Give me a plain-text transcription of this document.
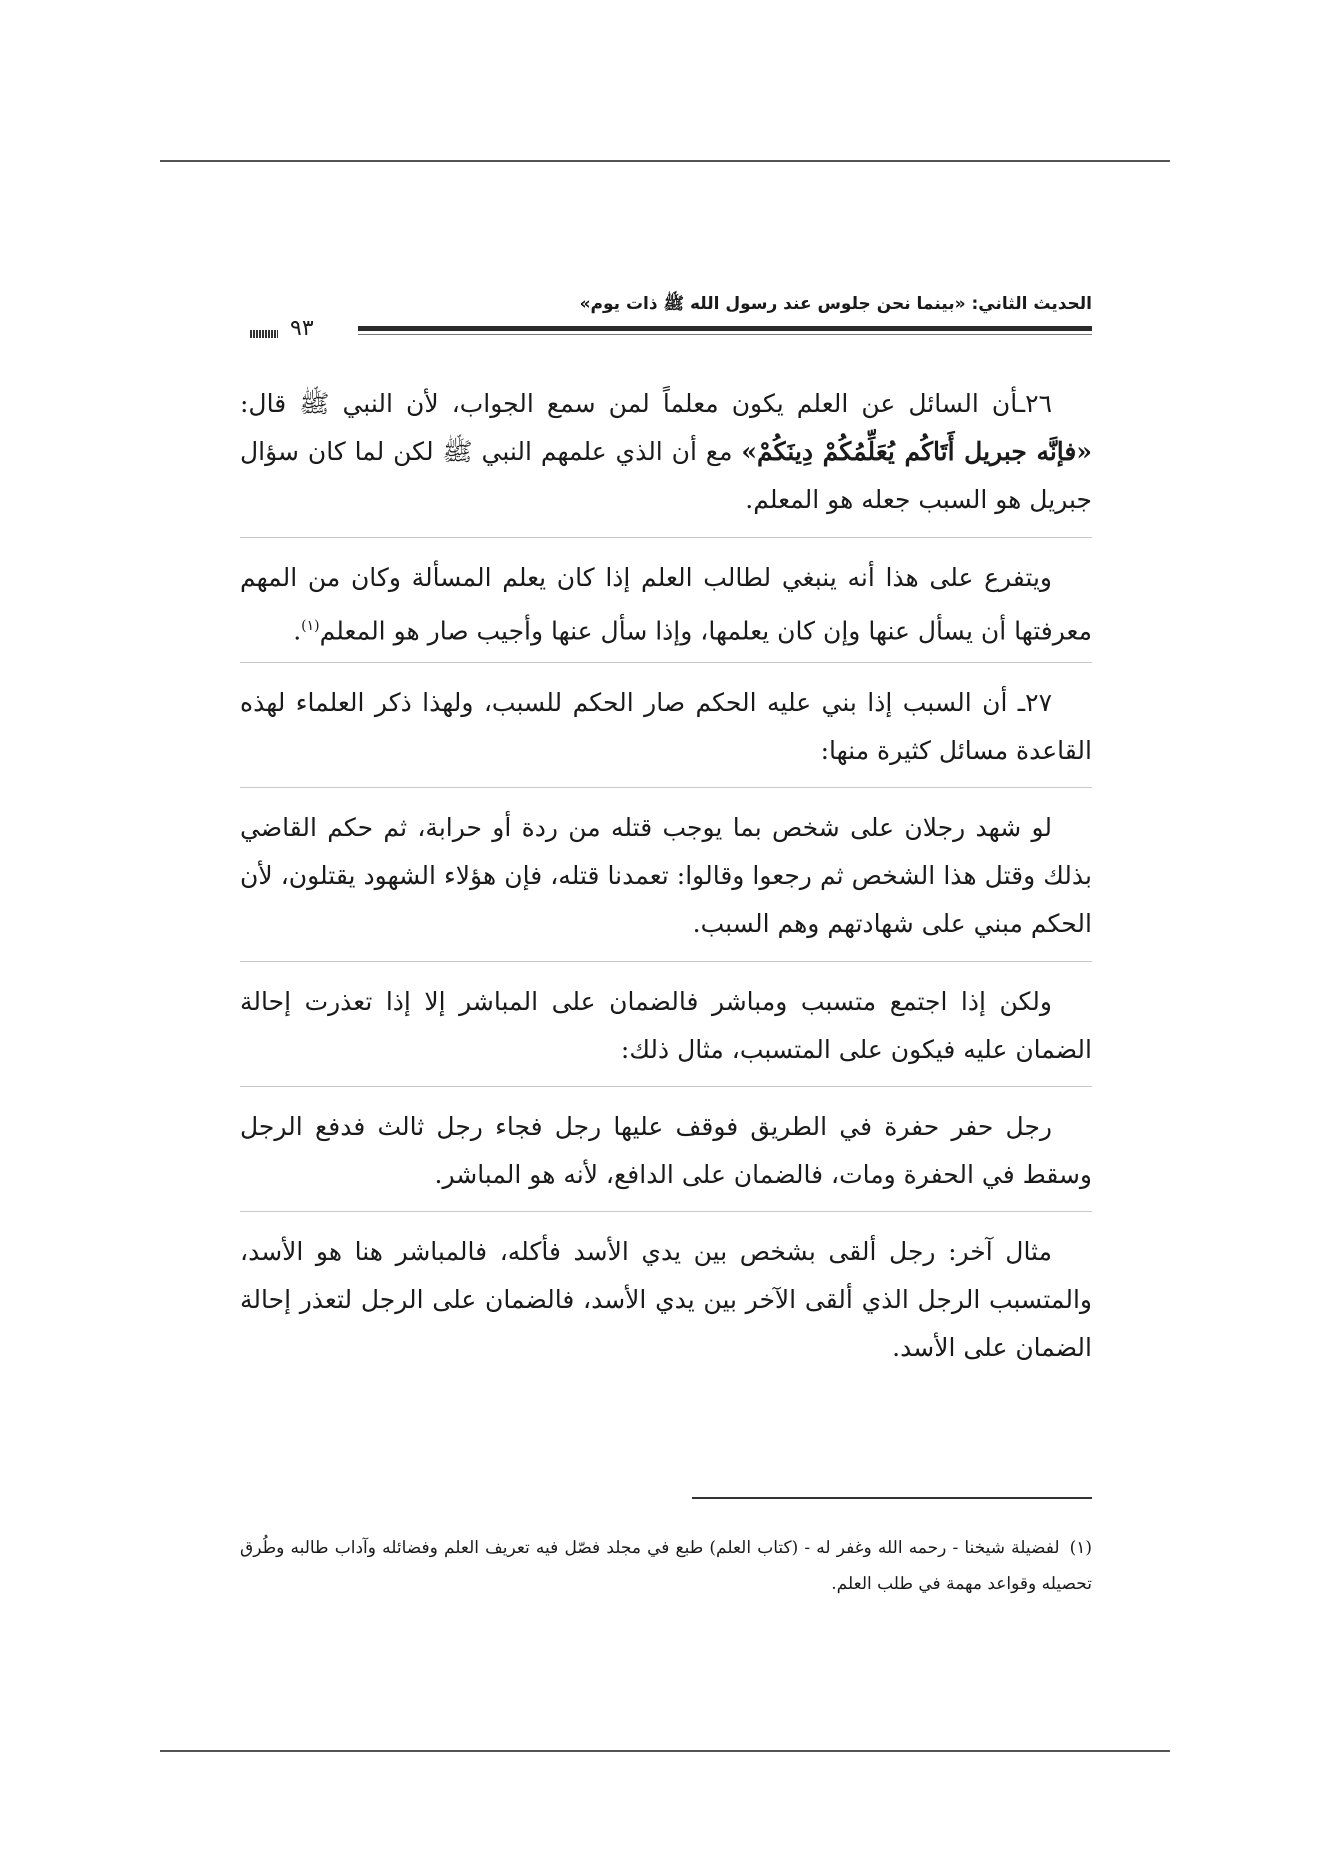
الحديث الثاني: «بينما نحن جلوس عند رسول الله ﷺ ذات يوم»
٩٣

٢٦ـأن السائل عن العلم يكون معلماً لمن سمع الجواب، لأن النبي ﷺ قال: «فإنَّه جبريل أَتَاكُم يُعَلِّمُكُمْ دِينَكُمْ» مع أن الذي علمهم النبي ﷺ لكن لما كان سؤال جبريل هو السبب جعله هو المعلم.

ويتفرع على هذا أنه ينبغي لطالب العلم إذا كان يعلم المسألة وكان من المهم معرفتها أن يسأل عنها وإن كان يعلمها، وإذا سأل عنها وأجيب صار هو المعلم$^{(١)}$.

٢٧ـ أن السبب إذا بني عليه الحكم صار الحكم للسبب، ولهذا ذكر العلماء لهذه القاعدة مسائل كثيرة منها:

لو شهد رجلان على شخص بما يوجب قتله من ردة أو حرابة، ثم حكم القاضي بذلك وقتل هذا الشخص ثم رجعوا وقالوا: تعمدنا قتله، فإن هؤلاء الشهود يقتلون، لأن الحكم مبني على شهادتهم وهم السبب.

ولكن إذا اجتمع متسبب ومباشر فالضمان على المباشر إلا إذا تعذرت إحالة الضمان عليه فيكون على المتسبب، مثال ذلك:

رجل حفر حفرة في الطريق فوقف عليها رجل فجاء رجل ثالث فدفع الرجل وسقط في الحفرة ومات، فالضمان على الدافع، لأنه هو المباشر.

مثال آخر: رجل ألقى بشخص بين يدي الأسد فأكله، فالمباشر هنا هو الأسد، والمتسبب الرجل الذي ألقى الآخر بين يدي الأسد، فالضمان على الرجل لتعذر إحالة الضمان على الأسد.

(١)لفضيلة شيخنا - رحمه الله وغفر له - (كتاب العلم) طبع في مجلد فصّل فيه تعريف العلم وفضائله وآداب طالبه وطُرق تحصيله وقواعد مهمة في طلب العلم.
